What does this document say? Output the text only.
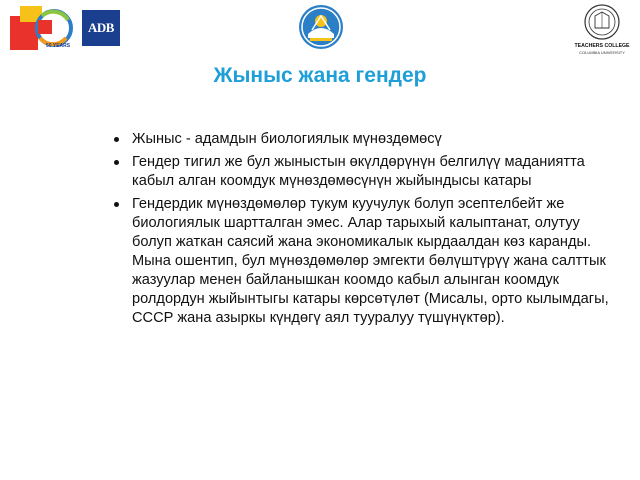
50 YEARS
ADB
TEACHERS COLLEGE
COLUMBIA UNIVERSITY
Жыныс жана гендер
Жыныс - адамдын биологиялык мүнөздөмөсү
Гендер тигил же бул жыныстын өкүлдөрүнүн белгилүү маданиятта кабыл алган коомдук мүнөздөмөсүнүн жыйындысы катары
Гендердик мүнөздөмөлөр тукум куучулук болуп эсептелбейт же биологиялык шартталган эмес. Алар тарыхый калыптанат, олутуу болуп жаткан саясий жана экономикалык кырдаалдан көз каранды. Мына ошентип, бул мүнөздөмөлөр эмгекти бөлүштүрүү жана салттык жазуулар менен байланышкан коомдо кабыл алынган коомдук ролдордун жыйынтыгы катары көрсөтүлөт (Мисалы, орто кылымдагы, СССР жана азыркы күндөгү аял тууралуу түшүнүктөр).
